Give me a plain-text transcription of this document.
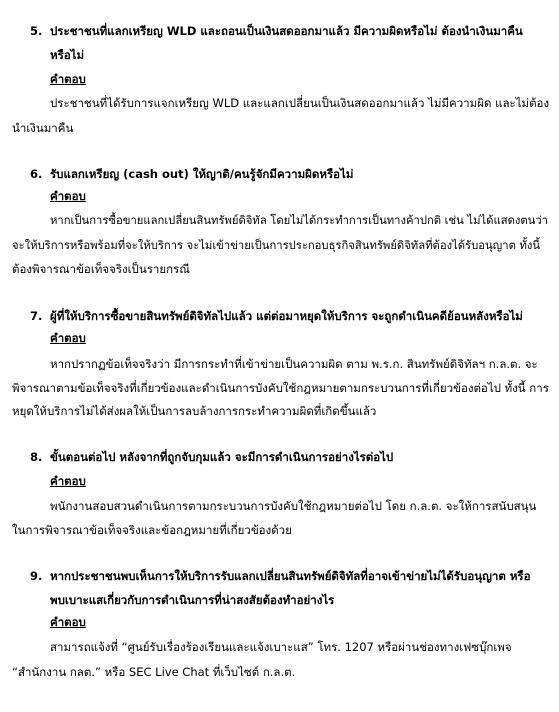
5. ประชาชนที่แลกเหรียญ WLD และถอนเป็นเงินสดออกมาแล้ว มีความผิดหรือไม่ ต้องนำเงินมาคืน
หรือไม่
คำตอบ
ประชาชนที่ได้รับการแจกเหรียญ WLD และแลกเปลี่ยนเป็นเงินสดออกมาแล้ว ไม่มีความผิด และไม่ต้อง
นำเงินมาคืน
6. รับแลกเหรียญ (cash out) ให้ญาติ/คนรู้จักมีความผิดหรือไม่
คำตอบ
หากเป็นการซื้อขายแลกเปลี่ยนสินทรัพย์ดิจิทัล โดยไม่ได้กระทำการเป็นทางค้าปกติ เช่น ไม่ได้แสดงตนว่า
จะให้บริการหรือพร้อมที่จะให้บริการ จะไม่เข้าข่ายเป็นการประกอบธุรกิจสินทรัพย์ดิจิทัลที่ต้องได้รับอนุญาต ทั้งนี้
ต้องพิจารณาข้อเท็จจริงเป็นรายกรณี
7. ผู้ที่ให้บริการซื้อขายสินทรัพย์ดิจิทัลไปแล้ว แต่ต่อมาหยุดให้บริการ จะถูกดำเนินคดีย้อนหลังหรือไม่
คำตอบ
หากปรากฏข้อเท็จจริงว่า มีการกระทำที่เข้าข่ายเป็นความผิด ตาม พ.ร.ก. สินทรัพย์ดิจิทัลฯ ก.ล.ต. จะ
พิจารณาตามข้อเท็จจริงที่เกี่ยวข้องและดำเนินการบังคับใช้กฎหมายตามกระบวนการที่เกี่ยวข้องต่อไป ทั้งนี้ การ
หยุดให้บริการไม่ได้ส่งผลให้เป็นการลบล้างการกระทำความผิดที่เกิดขึ้นแล้ว
8. ขั้นตอนต่อไป หลังจากที่ถูกจับกุมแล้ว จะมีการดำเนินการอย่างไรต่อไป
คำตอบ
พนักงานสอบสวนดำเนินการตามกระบวนการบังคับใช้กฎหมายต่อไป โดย ก.ล.ต. จะให้การสนับสนุน
ในการพิจารณาข้อเท็จจริงและข้อกฎหมายที่เกี่ยวข้องด้วย
9. หากประชาชนพบเห็นการให้บริการรับแลกเปลี่ยนสินทรัพย์ดิจิทัลที่อาจเข้าข่ายไม่ได้รับอนุญาต หรือ
พบเบาะแสเกี่ยวกับการดำเนินการที่น่าสงสัยต้องทำอย่างไร
คำตอบ
สามารถแจ้งที่ “ศูนย์รับเรื่องร้องเรียนและแจ้งเบาะแส” โทร. 1207 หรือผ่านช่องทางเฟซบุ๊กเพจ
“สำนักงาน กลต.” หรือ SEC Live Chat ที่เว็บไซต์ ก.ล.ต.
